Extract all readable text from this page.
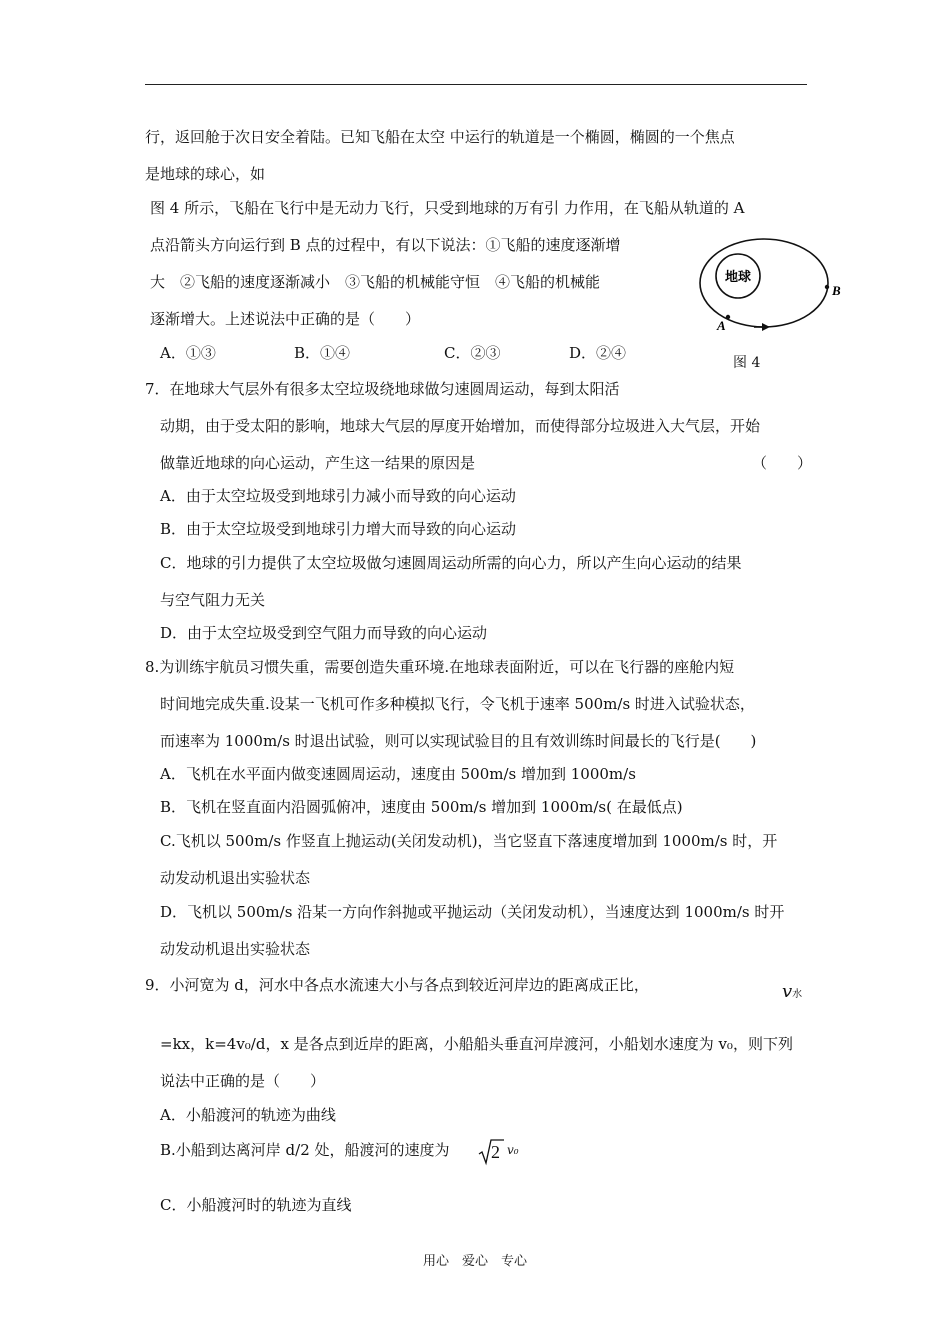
行，返回舱于次日安全着陆。已知飞船在太空 中运行的轨道是一个椭圆，椭圆的一个焦点
是地球的球心，如
图 4 所示，飞船在飞行中是无动力飞行，只受到地球的万有引 力作用，在飞船从轨道的 A
点沿箭头方向运行到 B 点的过程中，有以下说法：①飞船的速度逐渐增
大　②飞船的速度逐渐减小　③飞船的机械能守恒　④飞船的机械能
逐渐增大。上述说法中正确的是（　　）
A．①③	B．①④	C．②③	D．②④
地球
A
B
图 4
7．在地球大气层外有很多太空垃圾绕地球做匀速圆周运动，每到太阳活
动期，由于受太阳的影响，地球大气层的厚度开始增加，而使得部分垃圾进入大气层，开始
做靠近地球的向心运动，产生这一结果的原因是	（　　）
A．由于太空垃圾受到地球引力减小而导致的向心运动
B．由于太空垃圾受到地球引力增大而导致的向心运动
C．地球的引力提供了太空垃圾做匀速圆周运动所需的向心力，所以产生向心运动的结果
与空气阻力无关
D．由于太空垃圾受到空气阻力而导致的向心运动
8.为训练宇航员习惯失重，需要创造失重环境.在地球表面附近，可以在飞行器的座舱内短
时间地完成失重.设某一飞机可作多种模拟飞行，令飞机于速率 500m/s 时进入试验状态，
而速率为 1000m/s 时退出试验，则可以实现试验目的且有效训练时间最长的飞行是(　　)
A．飞机在水平面内做变速圆周运动，速度由 500m/s 增加到 1000m/s
B．飞机在竖直面内沿圆弧俯冲，速度由 500m/s 增加到 1000m/s( 在最低点)
C.飞机以 500m/s 作竖直上抛运动(关闭发动机)，当它竖直下落速度增加到 1000m/s 时，开
动发动机退出实验状态
D．飞机以 500m/s 沿某一方向作斜抛或平抛运动（关闭发动机），当速度达到 1000m/s 时开
动发动机退出实验状态
9．小河宽为 d，河水中各点水流速大小与各点到较近河岸边的距离成正比，	v水
=kx，k=4v₀/d，x 是各点到近岸的距离，小船船头垂直河岸渡河，小船划水速度为 v₀，则下列
说法中正确的是（　　）
A．小船渡河的轨迹为曲线
B.小船到达离河岸 d/2 处，船渡河的速度为 2 v₀
C．小船渡河时的轨迹为直线
用心　爱心　专心
